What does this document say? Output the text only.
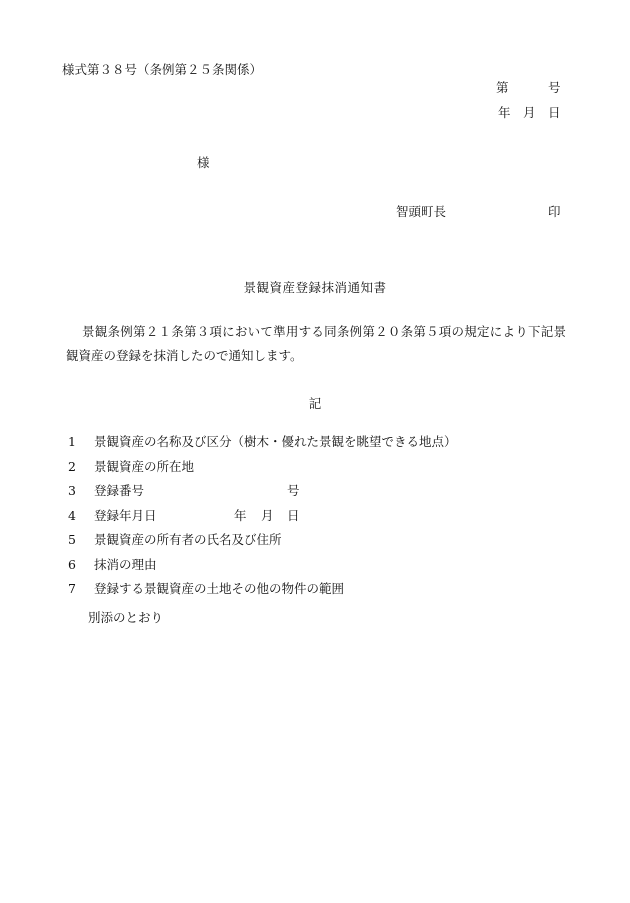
様式第３８号（条例第２５条関係）
第	号
年 月 日
様
智頭町長	印
景観資産登録抹消通知書
景観条例第２１条第３項において準用する同条例第２０条第５項の規定により下記景観資産の登録を抹消したので通知します。
記
1 景観資産の名称及び区分（樹木・優れた景観を眺望できる地点）
2 景観資産の所在地
3 登録番号	号
4 登録年月日	年 月 日
5 景観資産の所有者の氏名及び住所
6 抹消の理由
7 登録する景観資産の土地その他の物件の範囲
別添のとおり
